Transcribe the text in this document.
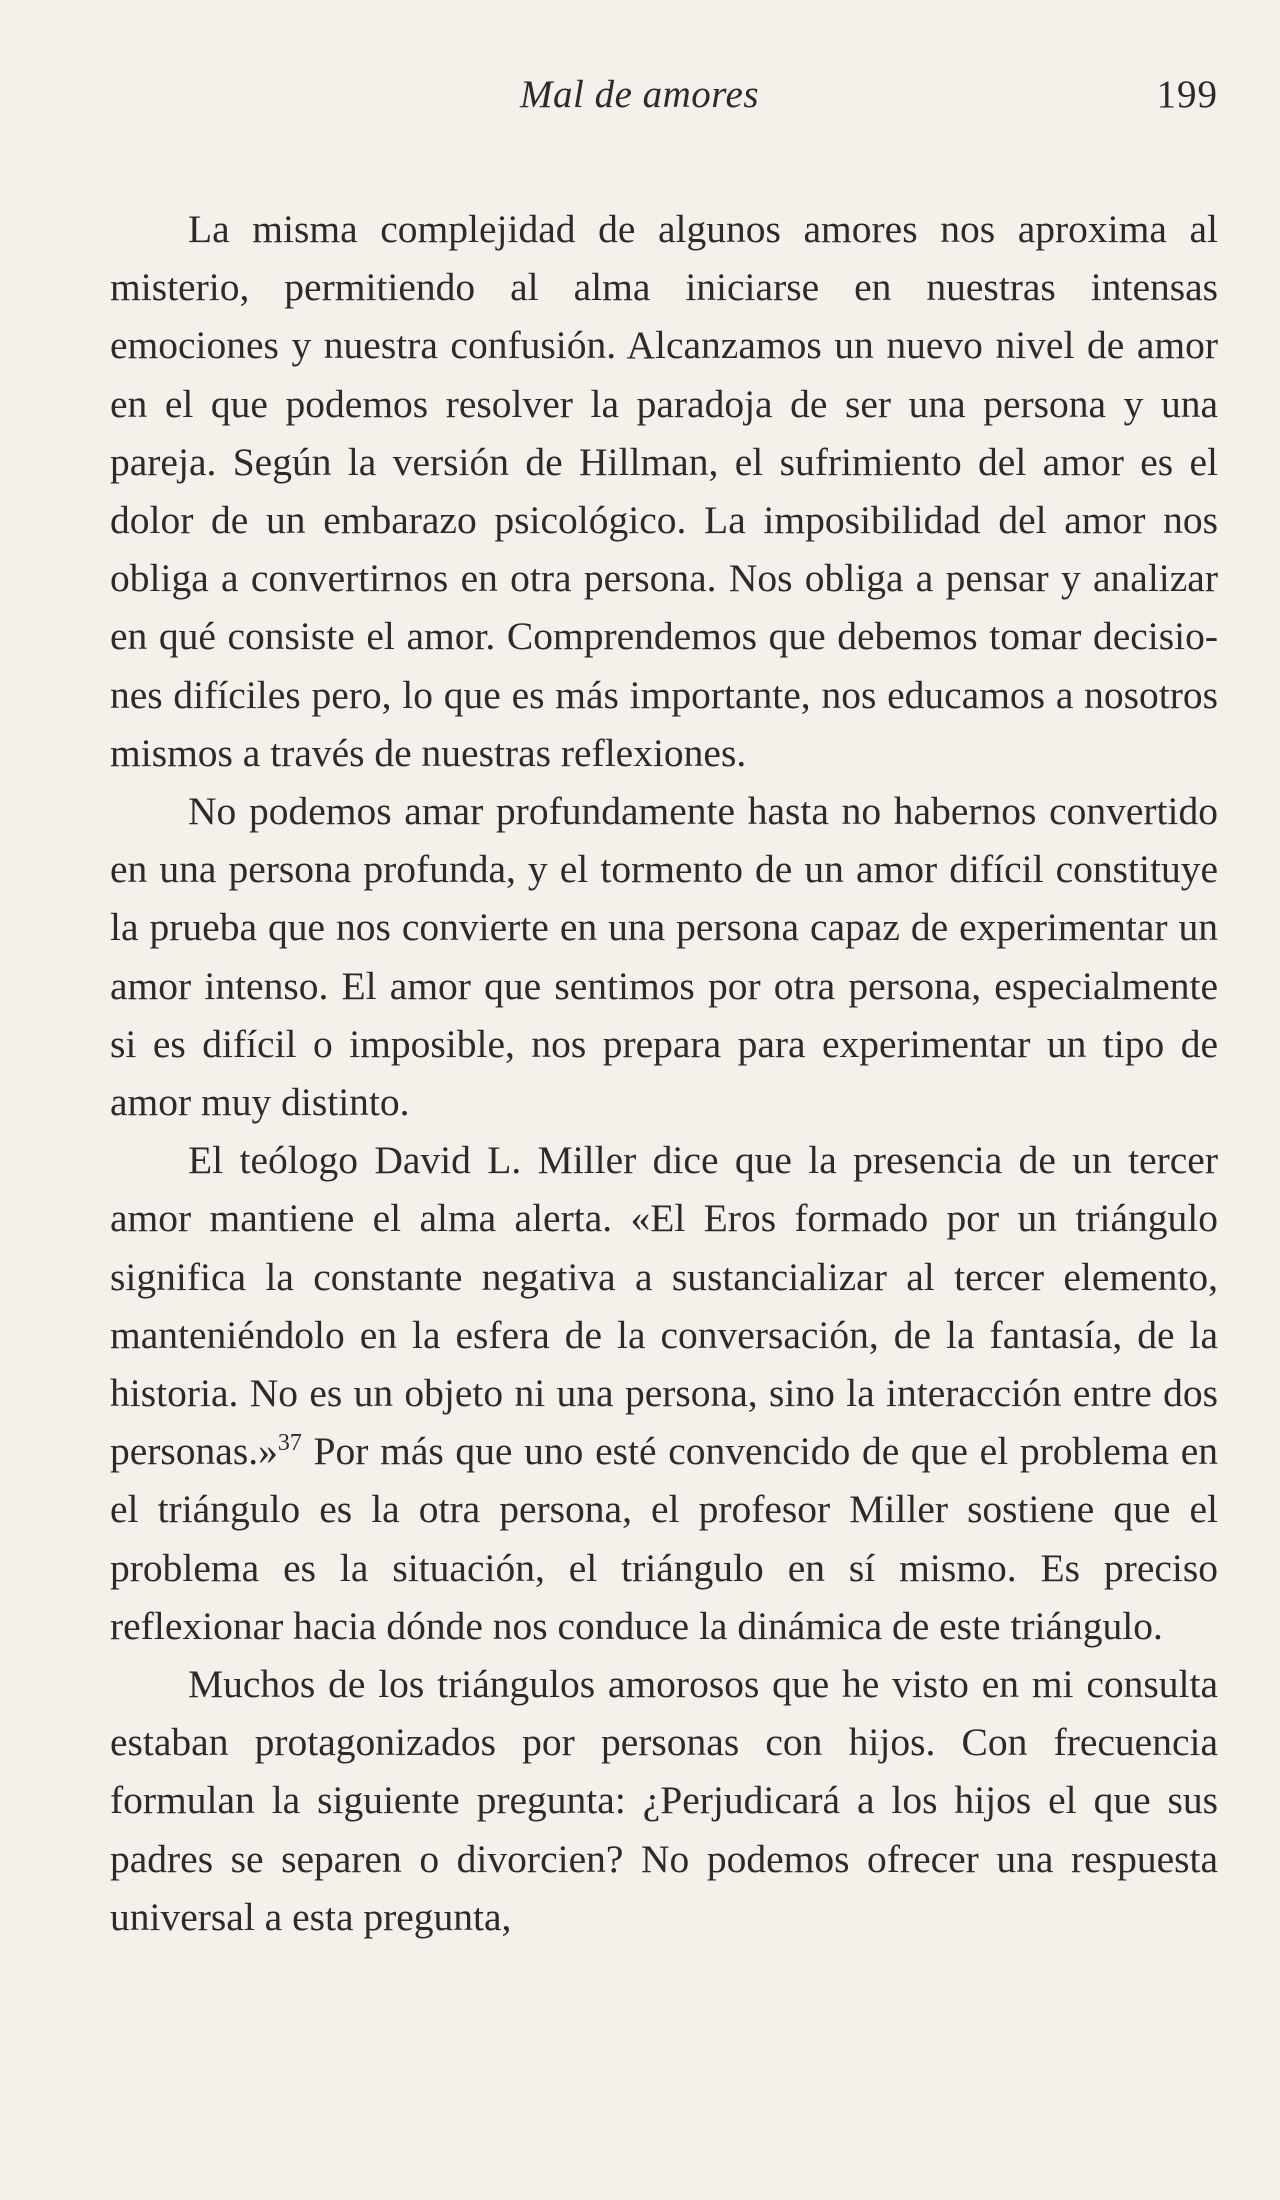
Mal de amores	199

La misma complejidad de algunos amores nos aproxima al misterio, permitiendo al alma iniciarse en nuestras intensas emociones y nuestra confusión. Alcanzamos un nuevo nivel de amor en el que podemos resolver la paradoja de ser una persona y una pareja. Según la versión de Hillman, el sufrimiento del amor es el dolor de un embarazo psicológico. La imposibilidad del amor nos obliga a convertirnos en otra persona. Nos obliga a pensar y analizar en qué consiste el amor. Comprendemos que debemos tomar decisiones difíciles pero, lo que es más importante, nos educamos a nosotros mismos a través de nuestras reflexiones.

No podemos amar profundamente hasta no habernos convertido en una persona profunda, y el tormento de un amor difícil constituye la prueba que nos convierte en una persona capaz de experimentar un amor intenso. El amor que sentimos por otra persona, especialmente si es difícil o imposible, nos prepara para experimentar un tipo de amor muy distinto.

El teólogo David L. Miller dice que la presencia de un tercer amor mantiene el alma alerta. «El Eros formado por un triángulo significa la constante negativa a sustancializar al tercer elemento, manteniéndolo en la esfera de la conversación, de la fantasía, de la historia. No es un objeto ni una persona, sino la interacción entre dos personas.»$^{37}$ Por más que uno esté convencido de que el problema en el triángulo es la otra persona, el profesor Miller sostiene que el problema es la situación, el triángulo en sí mismo. Es preciso reflexionar hacia dónde nos conduce la dinámica de este triángulo.

Muchos de los triángulos amorosos que he visto en mi consulta estaban protagonizados por personas con hijos. Con frecuencia formulan la siguiente pregunta: ¿Perjudicará a los hijos el que sus padres se separen o divorcien? No podemos ofrecer una respuesta universal a esta pregunta,
